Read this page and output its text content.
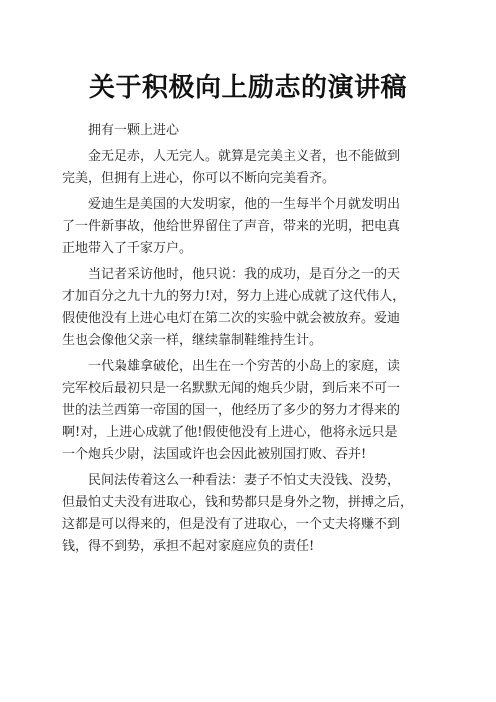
关于积极向上励志的演讲稿
拥有一颗上进心
金无足赤，人无完人。就算是完美主义者，也不能做到
完美，但拥有上进心，你可以不断向完美看齐。
爱迪生是美国的大发明家，他的一生每半个月就发明出
了一件新事故，他给世界留住了声音，带来的光明，把电真
正地带入了千家万户。
当记者采访他时，他只说：我的成功，是百分之一的天
才加百分之九十九的努力!对，努力上进心成就了这代伟人，
假使他没有上进心电灯在第二次的实验中就会被放弃。爱迪
生也会像他父亲一样，继续靠制鞋维持生计。
一代枭雄拿破伦，出生在一个穷苦的小岛上的家庭，读
完军校后最初只是一名默默无闻的炮兵少尉，到后来不可一
世的法兰西第一帝国的国一，他经历了多少的努力才得来的
啊!对，上进心成就了他!假使他没有上进心，他将永远只是
一个炮兵少尉，法国或许也会因此被别国打败、吞并!
民间法传着这么一种看法：妻子不怕丈夫没钱、没势，
但最怕丈夫没有进取心，钱和势都只是身外之物，拼搏之后，
这都是可以得来的，但是没有了进取心，一个丈夫将赚不到
钱，得不到势，承担不起对家庭应负的责任!
